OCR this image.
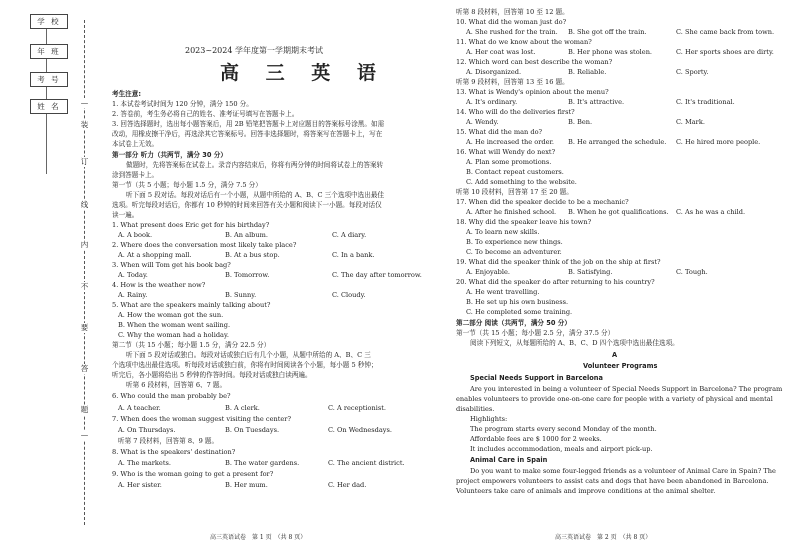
学 校
年 班
考 号
姓 名	—
装
订
线
内
不
要
答
题
—
2023~2024 学年度第一学期期末考试
高 三 英 语
考生注意:
1. 本试卷考试时间为 120 分钟，满分 150 分。
2. 答卷前，考生务必将自己的姓名、准考证号填写在答题卡上。
3. 回答选择题时，选出每小题答案后，用 2B 铅笔把答题卡上对应题目的答案标号涂黑。如需
改动，用橡皮擦干净后，再选涂其它答案标号。回答非选择题时，将答案写在答题卡上，写在
本试卷上无效。
第一部分 听力（共两节，满分 30 分）
做题时，先将答案标在试卷上。录音内容结束后，你将有两分钟的时间将试卷上的答案转
涂到答题卡上。
第一节（共 5 小题；每小题 1.5 分，满分 7.5 分）
听下面 5 段对话。每段对话后有一个小题，从题中所给的 A、B、C 三个选项中选出最佳
选项。听完每段对话后，你都有 10 秒钟的时间来回答有关小题和阅读下一小题。每段对话仅
读一遍。
1. What present does Eric get for his birthday?
A. A book.	B. An album.	C. A diary.
2. Where does the conversation most likely take place?
A. At a shopping mall.	B. At a bus stop.	C. In a bank.
3. When will Tom get his book bag?
A. Today.	B. Tomorrow.	C. The day after tomorrow.
4. How is the weather now?
A. Rainy.	B. Sunny.	C. Cloudy.
5. What are the speakers mainly talking about?
A. How the woman got the sun.
B. When the woman went sailing.
C. Why the woman had a holiday.
第二节（共 15 小题；每小题 1.5 分，满分 22.5 分）
听下面 5 段对话或独白。每段对话或独白后有几个小题，从题中所给的 A、B、C 三
个选项中选出最佳选项。听每段对话或独白前，你将有时间阅读各个小题，每小题 5 秒钟；
听完后，各小题将给出 5 秒钟的作答时间。每段对话或独白读两遍。
听第 6 段材料，回答第 6、7 题。
6. Who could the man probably be?
A. A teacher.	B. A clerk.	C. A receptionist.
7. When does the woman suggest visiting the center?
A. On Thursdays.	B. On Tuesdays.	C. On Wednesdays.
听第 7 段材料，回答第 8、9 题。
8. What is the speakers' destination?
A. The markets.	B. The water gardens.	C. The ancient district.
9. Who is the woman going to get a present for?
A. Her sister.	B. Her mum.	C. Her dad.
高三英语试卷　第 1 页　（共 8 页）
听第 8 段材料，回答第 10 至 12 题。
10. What did the woman just do?
A. She rushed for the train. B. She got off the train.	C. She came back from town.
11. What do we know about the woman?
A. Her coat was lost.	B. Her phone was stolen.	C. Her sports shoes are dirty.
12. Which word can best describe the woman?
A. Disorganized.	B. Reliable.	C. Sporty.
听第 9 段材料，回答第 13 至 16 题。
13. What is Wendy's opinion about the menu?
A. It's ordinary.	B. It's attractive.	C. It's traditional.
14. Who will do the deliveries first?
A. Wendy.	B. Ben.	C. Mark.
15. What did the man do?
A. He increased the order. B. He arranged the schedule. C. He hired more people.
16. What will Wendy do next?
A. Plan some promotions.
B. Contact repeat customers.
C. Add something to the website.
听第 10 段材料，回答第 17 至 20 题。
17. When did the speaker decide to be a mechanic?
A. After he finished school. B. When he got qualifications. C. As he was a child.
18. Why did the speaker leave his town?
A. To learn new skills.
B. To experience new things.
C. To become an adventurer.
19. What did the speaker think of the job on the ship at first?
A. Enjoyable.	B. Satisfying.	C. Tough.
20. What did the speaker do after returning to his country?
A. He went travelling.
B. He set up his own business.
C. He completed some training.
第二部分 阅读（共两节，满分 50 分）
第一节（共 15 小题；每小题 2.5 分，满分 37.5 分）
阅读下列短文，从每题所给的 A、B、C、D 四个选项中选出最佳选项。
A
Volunteer Programs
Special Needs Support in Barcelona
Are you interested in being a volunteer of Special Needs Support in Barcelona? The program
enables volunteers to provide one-on-one care for people with a variety of physical and mental
disabilities.
Highlights:
The program starts every second Monday of the month.
Affordable fees are $ 1000 for 2 weeks.
It includes accommodation, meals and airport pick-up.
Animal Care in Spain
Do you want to make some four-legged friends as a volunteer of Animal Care in Spain? The
project empowers volunteers to assist cats and dogs that have been abandoned in Barcelona.
Volunteers take care of animals and improve conditions at the animal shelter.
高三英语试卷　第 2 页　（共 8 页）
